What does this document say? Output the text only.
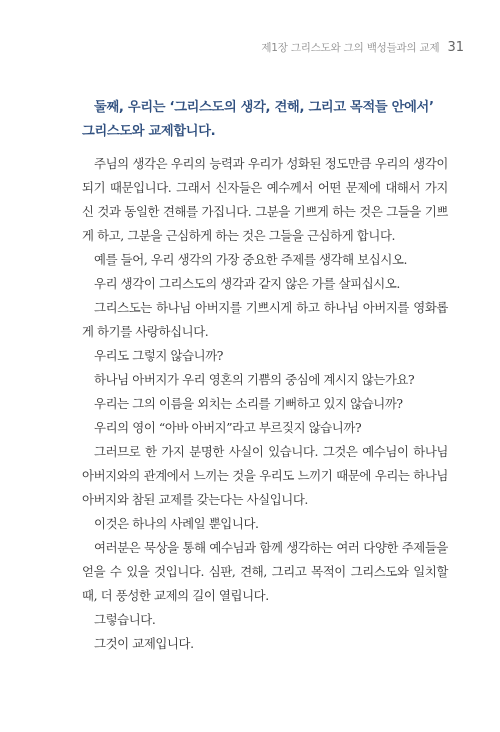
제1장 그리스도와 그의 백성들과의 교제 31

둘째, 우리는 ‘그리스도의 생각, 견해, 그리고 목적들 안에서’ 그리스도와 교제합니다.

주님의 생각은 우리의 능력과 우리가 성화된 정도만큼 우리의 생각이 되기 때문입니다. 그래서 신자들은 예수께서 어떤 문제에 대해서 가지신 것과 동일한 견해를 가집니다. 그분을 기쁘게 하는 것은 그들을 기쁘게 하고, 그분을 근심하게 하는 것은 그들을 근심하게 합니다.

예를 들어, 우리 생각의 가장 중요한 주제를 생각해 보십시오.

우리 생각이 그리스도의 생각과 같지 않은 가를 살피십시오.

그리스도는 하나님 아버지를 기쁘시게 하고 하나님 아버지를 영화롭게 하기를 사랑하십니다.

우리도 그렇지 않습니까?

하나님 아버지가 우리 영혼의 기쁨의 중심에 계시지 않는가요?

우리는 그의 이름을 외치는 소리를 기뻐하고 있지 않습니까?

우리의 영이 “아바 아버지”라고 부르짖지 않습니까?

그러므로 한 가지 분명한 사실이 있습니다. 그것은 예수님이 하나님 아버지와의 관계에서 느끼는 것을 우리도 느끼기 때문에 우리는 하나님 아버지와 참된 교제를 갖는다는 사실입니다.

이것은 하나의 사례일 뿐입니다.

여러분은 묵상을 통해 예수님과 함께 생각하는 여러 다양한 주제들을 얻을 수 있을 것입니다. 심판, 견해, 그리고 목적이 그리스도와 일치할 때, 더 풍성한 교제의 길이 열립니다.

그렇습니다.

그것이 교제입니다.
